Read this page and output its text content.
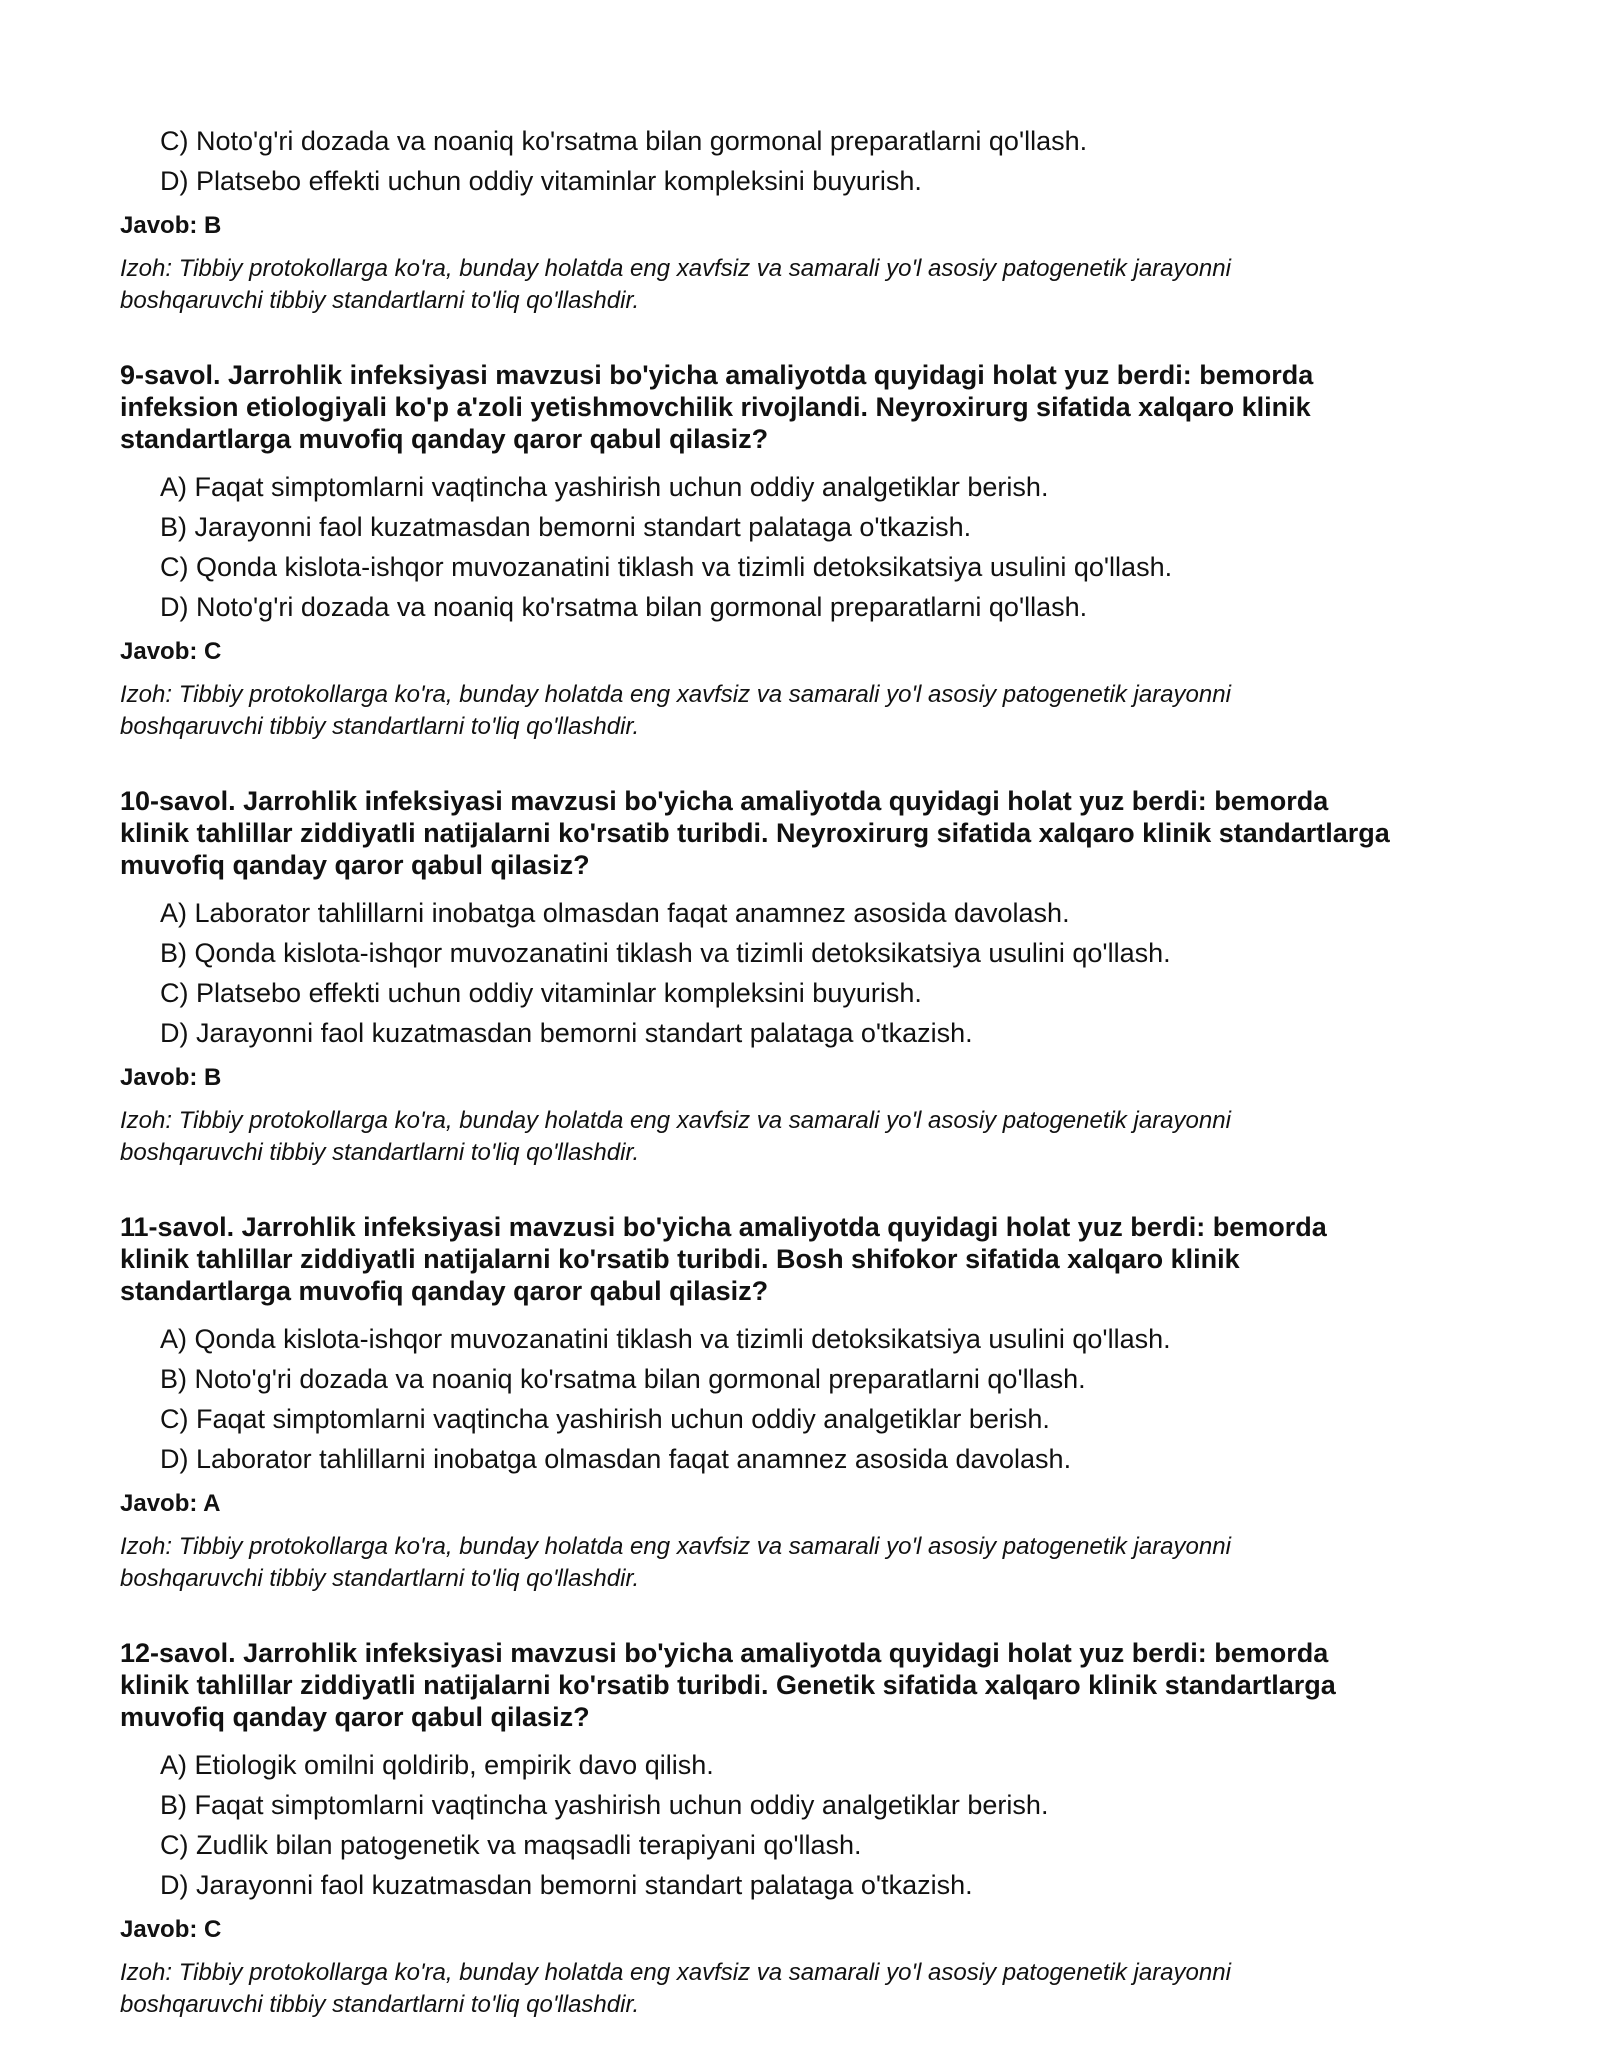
C) Noto'g'ri dozada va noaniq ko'rsatma bilan gormonal preparatlarni qo'llash.
D) Platsebo effekti uchun oddiy vitaminlar kompleksini buyurish.
Javob: B
Izoh: Tibbiy protokollarga ko'ra, bunday holatda eng xavfsiz va samarali yo'l asosiy patogenetik jarayonni
boshqaruvchi tibbiy standartlarni to'liq qo'llashdir.
9-savol. Jarrohlik infeksiyasi mavzusi bo'yicha amaliyotda quyidagi holat yuz berdi: bemorda
infeksion etiologiyali ko'p a'zoli yetishmovchilik rivojlandi. Neyroxirurg sifatida xalqaro klinik
standartlarga muvofiq qanday qaror qabul qilasiz?
A) Faqat simptomlarni vaqtincha yashirish uchun oddiy analgetiklar berish.
B) Jarayonni faol kuzatmasdan bemorni standart palataga o'tkazish.
C) Qonda kislota-ishqor muvozanatini tiklash va tizimli detoksikatsiya usulini qo'llash.
D) Noto'g'ri dozada va noaniq ko'rsatma bilan gormonal preparatlarni qo'llash.
Javob: C
Izoh: Tibbiy protokollarga ko'ra, bunday holatda eng xavfsiz va samarali yo'l asosiy patogenetik jarayonni
boshqaruvchi tibbiy standartlarni to'liq qo'llashdir.
10-savol. Jarrohlik infeksiyasi mavzusi bo'yicha amaliyotda quyidagi holat yuz berdi: bemorda
klinik tahlillar ziddiyatli natijalarni ko'rsatib turibdi. Neyroxirurg sifatida xalqaro klinik standartlarga
muvofiq qanday qaror qabul qilasiz?
A) Laborator tahlillarni inobatga olmasdan faqat anamnez asosida davolash.
B) Qonda kislota-ishqor muvozanatini tiklash va tizimli detoksikatsiya usulini qo'llash.
C) Platsebo effekti uchun oddiy vitaminlar kompleksini buyurish.
D) Jarayonni faol kuzatmasdan bemorni standart palataga o'tkazish.
Javob: B
Izoh: Tibbiy protokollarga ko'ra, bunday holatda eng xavfsiz va samarali yo'l asosiy patogenetik jarayonni
boshqaruvchi tibbiy standartlarni to'liq qo'llashdir.
11-savol. Jarrohlik infeksiyasi mavzusi bo'yicha amaliyotda quyidagi holat yuz berdi: bemorda
klinik tahlillar ziddiyatli natijalarni ko'rsatib turibdi. Bosh shifokor sifatida xalqaro klinik
standartlarga muvofiq qanday qaror qabul qilasiz?
A) Qonda kislota-ishqor muvozanatini tiklash va tizimli detoksikatsiya usulini qo'llash.
B) Noto'g'ri dozada va noaniq ko'rsatma bilan gormonal preparatlarni qo'llash.
C) Faqat simptomlarni vaqtincha yashirish uchun oddiy analgetiklar berish.
D) Laborator tahlillarni inobatga olmasdan faqat anamnez asosida davolash.
Javob: A
Izoh: Tibbiy protokollarga ko'ra, bunday holatda eng xavfsiz va samarali yo'l asosiy patogenetik jarayonni
boshqaruvchi tibbiy standartlarni to'liq qo'llashdir.
12-savol. Jarrohlik infeksiyasi mavzusi bo'yicha amaliyotda quyidagi holat yuz berdi: bemorda
klinik tahlillar ziddiyatli natijalarni ko'rsatib turibdi. Genetik sifatida xalqaro klinik standartlarga
muvofiq qanday qaror qabul qilasiz?
A) Etiologik omilni qoldirib, empirik davo qilish.
B) Faqat simptomlarni vaqtincha yashirish uchun oddiy analgetiklar berish.
C) Zudlik bilan patogenetik va maqsadli terapiyani qo'llash.
D) Jarayonni faol kuzatmasdan bemorni standart palataga o'tkazish.
Javob: C
Izoh: Tibbiy protokollarga ko'ra, bunday holatda eng xavfsiz va samarali yo'l asosiy patogenetik jarayonni
boshqaruvchi tibbiy standartlarni to'liq qo'llashdir.
